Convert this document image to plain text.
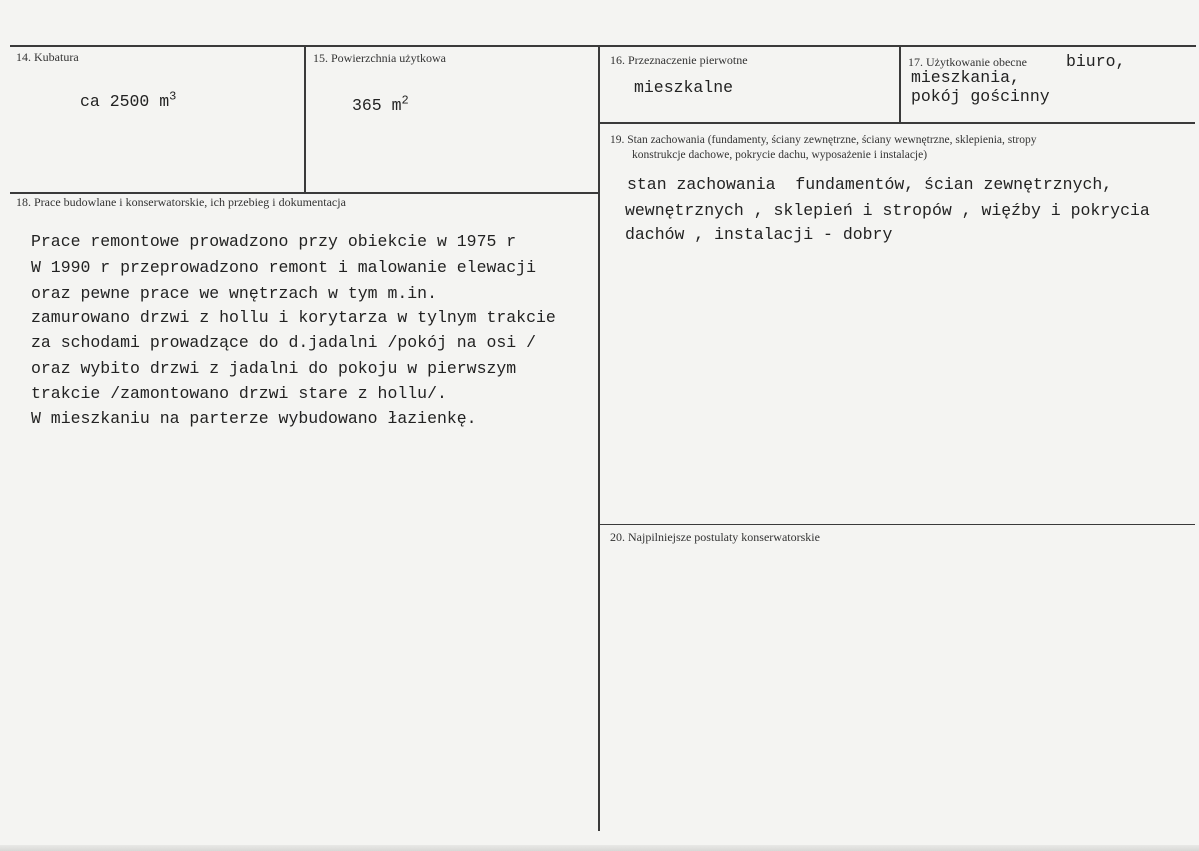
14. Kubatura
ca 2500 $m^3$
15. Powierzchnia użytkowa
365 $m^2$
16. Przeznaczenie pierwotne
mieszkalne
17. Użytkowanie obecne biuro,
mieszkania,
pokój gościnny
18. Prace budowlane i konserwatorskie, ich przebieg i dokumentacja
Prace remontowe prowadzono przy obiekcie w 1975 r
W 1990 r przeprowadzono remont i malowanie elewacji
oraz pewne prace we wnętrzach w tym m.in.
zamurowano drzwi z hollu i korytarza w tylnym trakcie
za schodami prowadzące do d.jadalni /pokój na osi /
oraz wybito drzwi z jadalni do pokoju w pierwszym
trakcie /zamontowano drzwi stare z hollu/.
W mieszkaniu na parterze wybudowano łazienkę.
19. Stan zachowania (fundamenty, ściany zewnętrzne, ściany wewnętrzne, sklepienia, stropy
konstrukcje dachowe, pokrycie dachu, wyposażenie i instalacje)
stan zachowania  fundamentów, ścian zewnętrznych,
wewnętrznych , sklepień i stropów , więźby i pokrycia
dachów , instalacji - dobry
20. Najpilniejsze postulaty konserwatorskie
